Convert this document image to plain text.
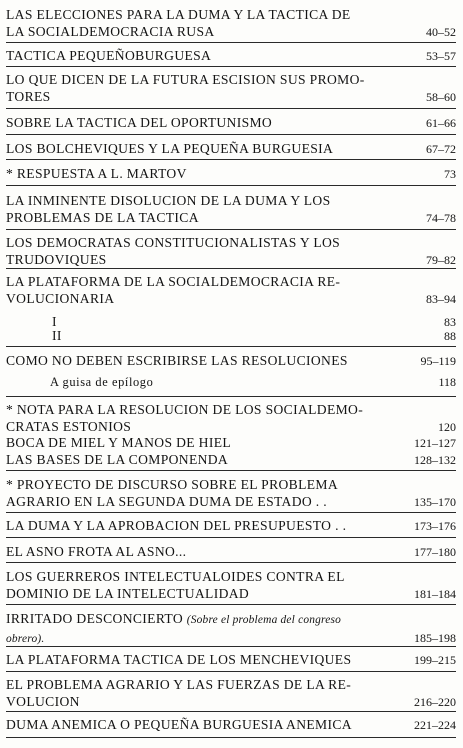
LAS ELECCIONES PARA LA DUMA Y LA TACTICA DE
LA SOCIALDEMOCRACIA RUSA	40–52
TACTICA PEQUEÑOBURGUESA	53–57
LO QUE DICEN DE LA FUTURA ESCISION SUS PROMO-
TORES	58–60
SOBRE LA TACTICA DEL OPORTUNISMO	61–66
LOS BOLCHEVIQUES Y LA PEQUEÑA BURGUESIA	67–72
* RESPUESTA A L. MARTOV	73
LA INMINENTE DISOLUCION DE LA DUMA Y LOS
PROBLEMAS DE LA TACTICA	74–78
LOS DEMOCRATAS CONSTITUCIONALISTAS Y LOS
TRUDOVIQUES	79–82
LA PLATAFORMA DE LA SOCIALDEMOCRACIA RE-
VOLUCIONARIA	83–94
I	83
II	88
COMO NO DEBEN ESCRIBIRSE LAS RESOLUCIONES	95–119
A guisa de epílogo	118
* NOTA PARA LA RESOLUCION DE LOS SOCIALDEMO-
CRATAS ESTONIOS	120
BOCA DE MIEL Y MANOS DE HIEL	121–127
LAS BASES DE LA COMPONENDA	128–132
* PROYECTO DE DISCURSO SOBRE EL PROBLEMA
AGRARIO EN LA SEGUNDA DUMA DE ESTADO . .	135–170
LA DUMA Y LA APROBACION DEL PRESUPUESTO . .	173–176
EL ASNO FROTA AL ASNO...	177–180
LOS GUERREROS INTELECTUALOIDES CONTRA EL
DOMINIO DE LA INTELECTUALIDAD	181–184
IRRITADO DESCONCIERTO (Sobre el problema del congreso
obrero).	185–198
LA PLATAFORMA TACTICA DE LOS MENCHEVIQUES	199–215
EL PROBLEMA AGRARIO Y LAS FUERZAS DE LA RE-
VOLUCION	216–220
DUMA ANEMICA O PEQUEÑA BURGUESIA ANEMICA	221–224
